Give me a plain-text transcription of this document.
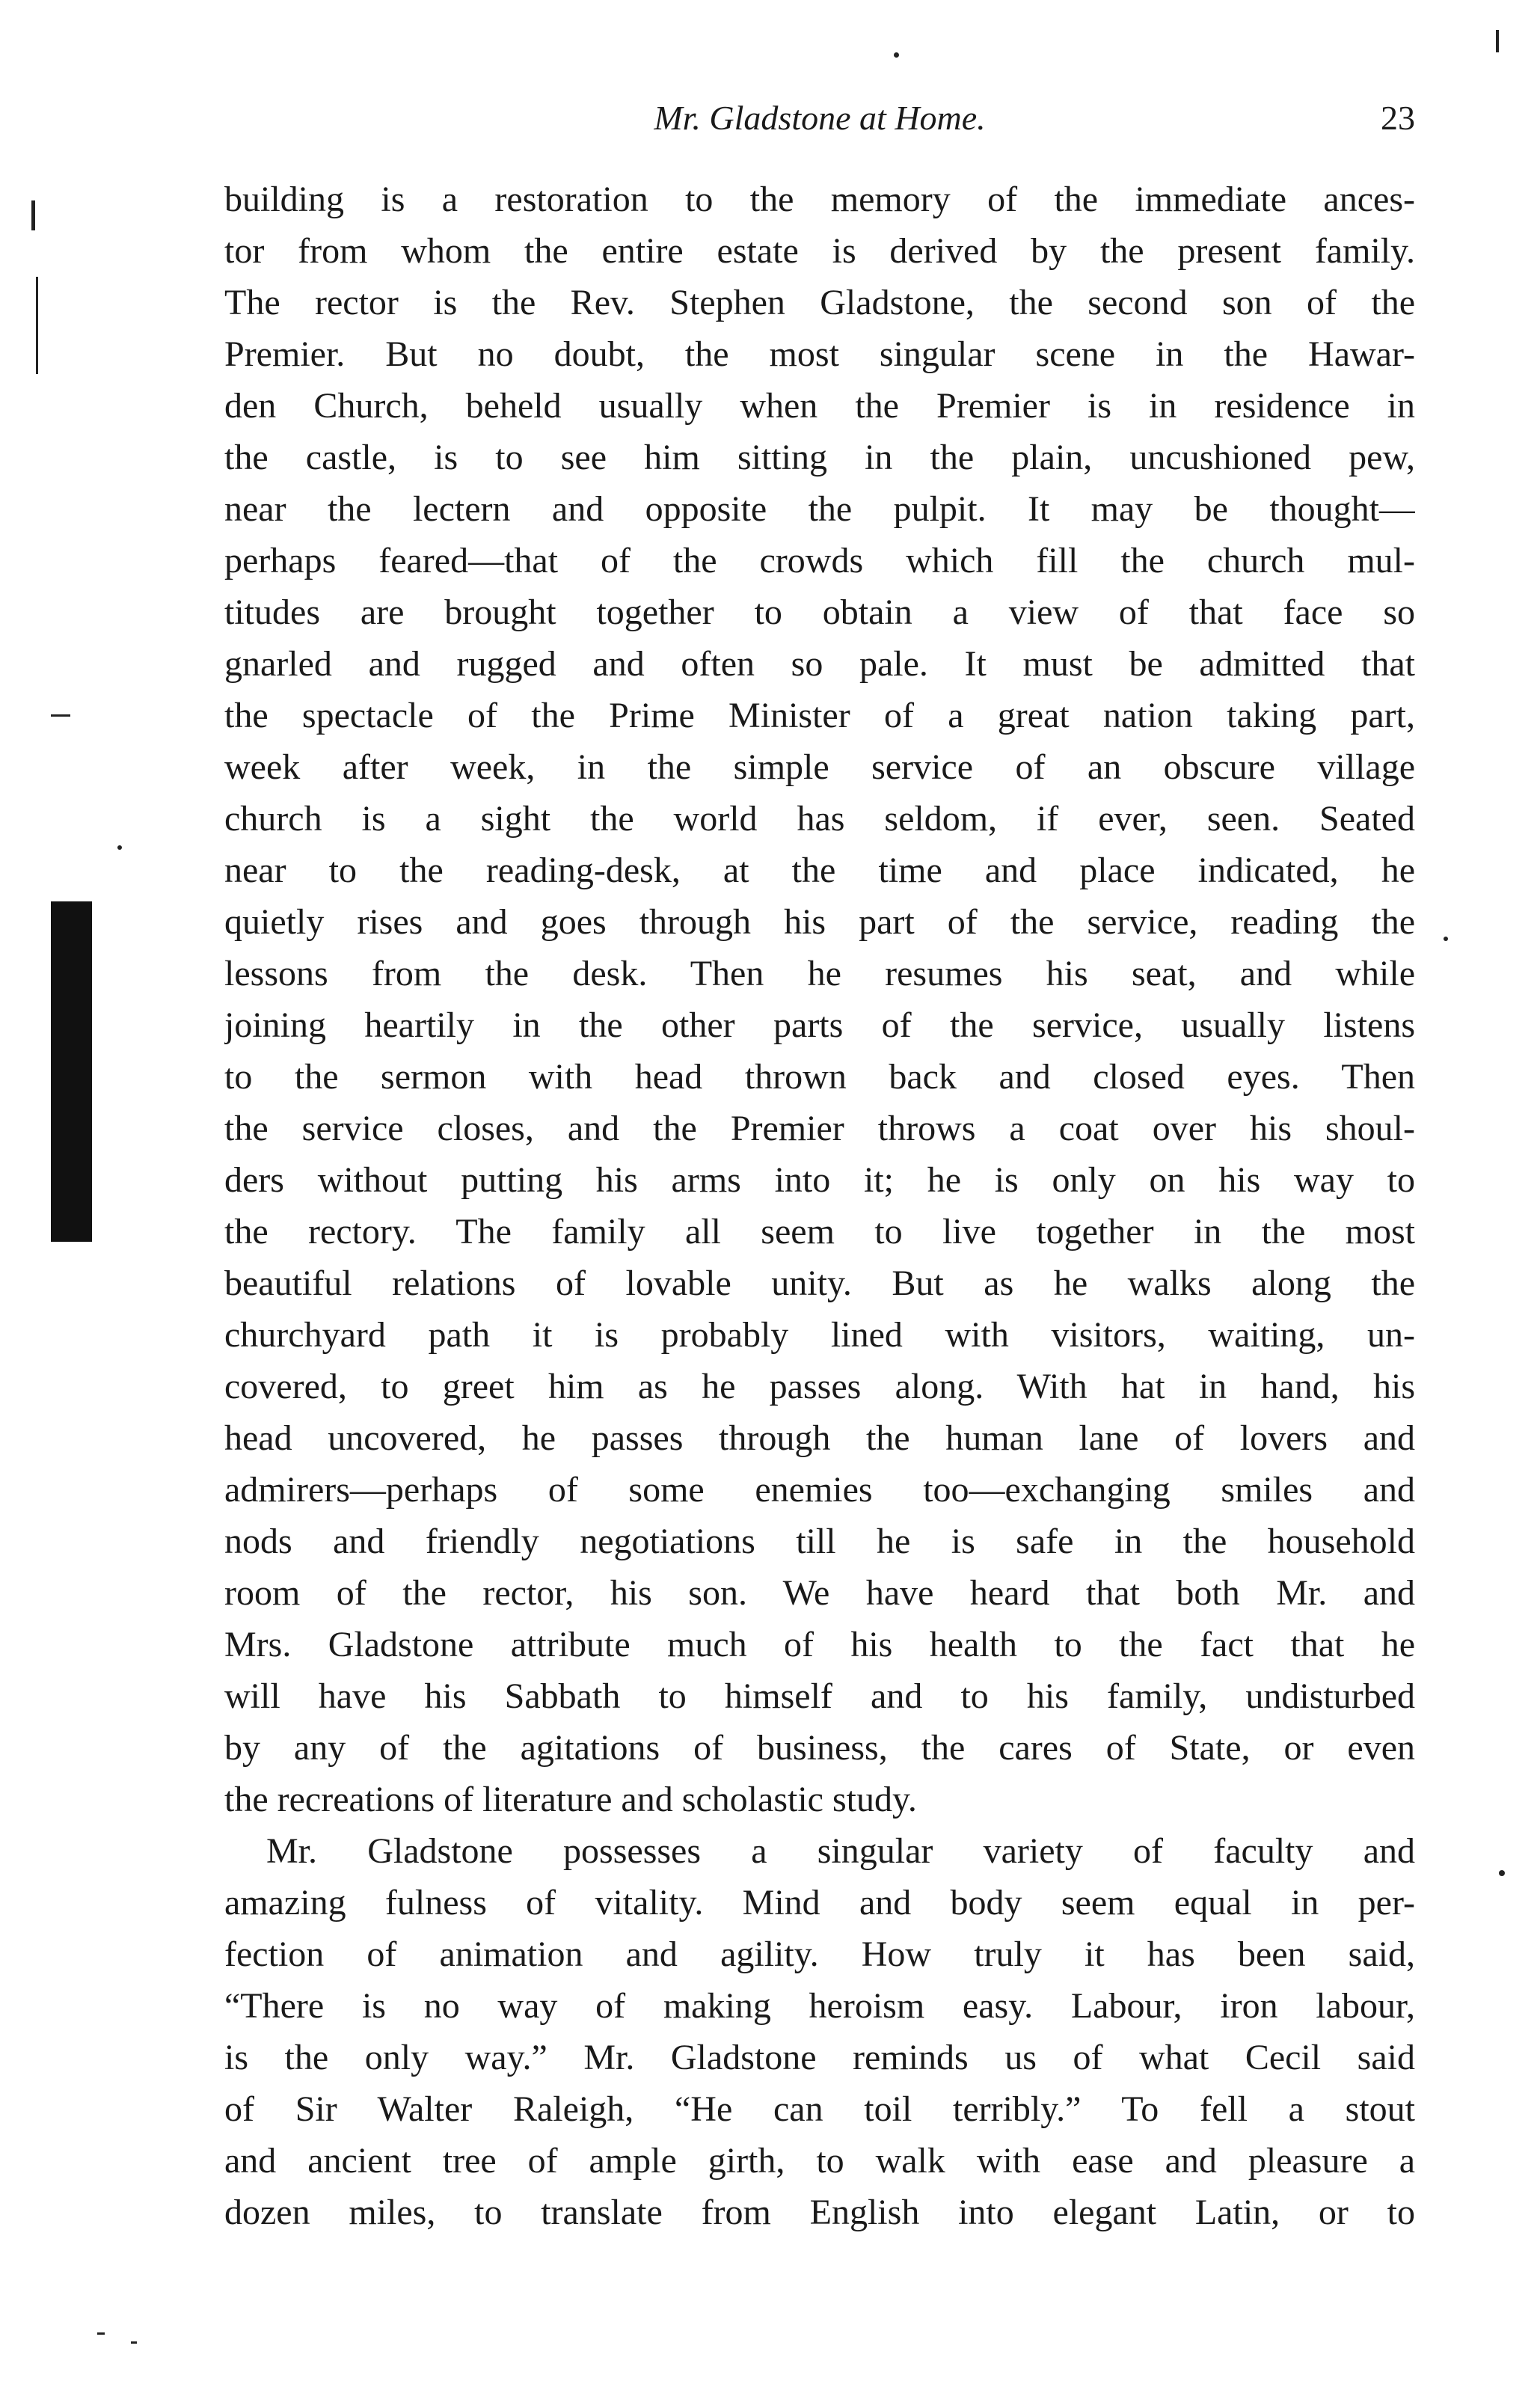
Mr. Gladstone at Home.	23
building is a restoration to the memory of the immediate ances-
tor from whom the entire estate is derived by the present family.
The rector is the Rev. Stephen Gladstone, the second son of the
Premier. But no doubt, the most singular scene in the Hawar-
den Church, beheld usually when the Premier is in residence in
the castle, is to see him sitting in the plain, uncushioned pew,
near the lectern and opposite the pulpit. It may be thought—
perhaps feared—that of the crowds which fill the church mul-
titudes are brought together to obtain a view of that face so
gnarled and rugged and often so pale. It must be admitted that
the spectacle of the Prime Minister of a great nation taking part,
week after week, in the simple service of an obscure village
church is a sight the world has seldom, if ever, seen. Seated
near to the reading-desk, at the time and place indicated, he
quietly rises and goes through his part of the service, reading the
lessons from the desk. Then he resumes his seat, and while
joining heartily in the other parts of the service, usually listens
to the sermon with head thrown back and closed eyes. Then
the service closes, and the Premier throws a coat over his shoul-
ders without putting his arms into it; he is only on his way to
the rectory. The family all seem to live together in the most
beautiful relations of lovable unity. But as he walks along the
churchyard path it is probably lined with visitors, waiting, un-
covered, to greet him as he passes along. With hat in hand, his
head uncovered, he passes through the human lane of lovers and
admirers—perhaps of some enemies too—exchanging smiles and
nods and friendly negotiations till he is safe in the household
room of the rector, his son. We have heard that both Mr. and
Mrs. Gladstone attribute much of his health to the fact that he
will have his Sabbath to himself and to his family, undisturbed
by any of the agitations of business, the cares of State, or even
the recreations of literature and scholastic study.
Mr. Gladstone possesses a singular variety of faculty and
amazing fulness of vitality. Mind and body seem equal in per-
fection of animation and agility. How truly it has been said,
“There is no way of making heroism easy. Labour, iron labour,
is the only way.” Mr. Gladstone reminds us of what Cecil said
of Sir Walter Raleigh, “He can toil terribly.” To fell a stout
and ancient tree of ample girth, to walk with ease and pleasure a
dozen miles, to translate from English into elegant Latin, or to
